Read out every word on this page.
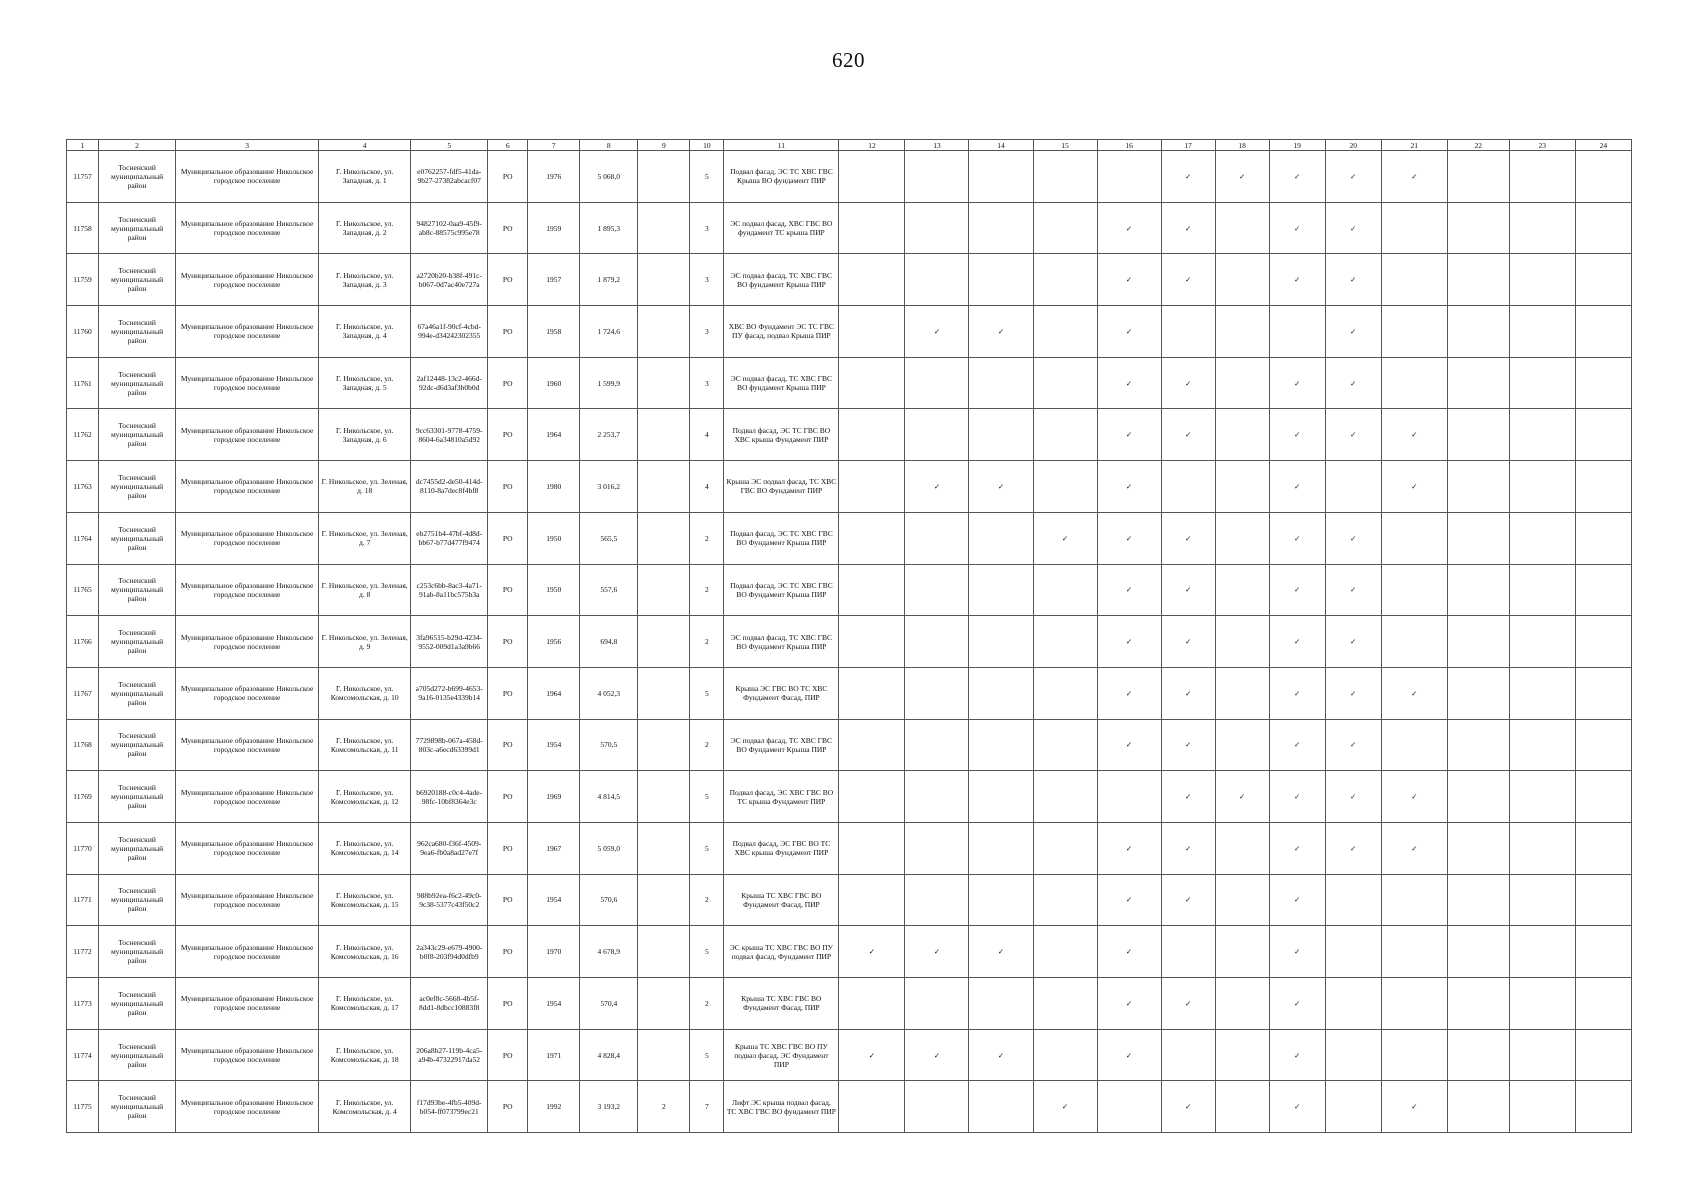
620
1	2	3	4	5	6	7	8	9	10	11	12	13	14	15	16	17	18	19	20	21	22	23	24
11757	Тосненский муниципальный район	Муниципальное образование Никольское городское поселение	Г. Никольское, ул. Западная, д. 1	e0762257-fdf5-41da-9b27-27382abcacf07	РО	1976	5 068,0		5	Подвал фасад, ЭС ТС ХВС ГВС Крыша ВО фундамент ПИР						✓	✓	✓	✓	✓			
11758	Тосненский муниципальный район	Муниципальное образование Никольское городское поселение	Г. Никольское, ул. Западная, д. 2	94827102-0aa9-45f9-ab8c-88575c995e78	РО	1959	1 895,3		3	ЭС подвал фасад, ХВС ГВС ВО фундамент ТС крыша ПИР					✓	✓		✓	✓				
11759	Тосненский муниципальный район	Муниципальное образование Никольское городское поселение	Г. Никольское, ул. Западная, д. 3	a2720b20-b38f-491c-b067-0d7ac40e727a	РО	1957	1 879,2		3	ЭС подвал фасад, ТС ХВС ГВС ВО фундамент Крыша ПИР					✓	✓		✓	✓				
11760	Тосненский муниципальный район	Муниципальное образование Никольское городское поселение	Г. Никольское, ул. Западная, д. 4	67a46a1f-90cf-4cbd-994e-d34242302355	РО	1958	1 724,6		3	ХВС ВО Фундамент ЭС ТС ГВС ПУ фасад, подвал Крыша ПИР		✓	✓		✓				✓				
11761	Тосненский муниципальный район	Муниципальное образование Никольское городское поселение	Г. Никольское, ул. Западная, д. 5	2af12448-13c2-466d-92dc-d6d3af3b0b0d	РО	1960	1 599,9		3	ЭС подвал фасад, ТС ХВС ГВС ВО фундамент Крыша ПИР					✓	✓		✓	✓				
11762	Тосненский муниципальный район	Муниципальное образование Никольское городское поселение	Г. Никольское, ул. Западная, д. 6	9cc63301-9778-4759-8604-6a34810a5d92	РО	1964	2 253,7		4	Подвал фасад, ЭС ТС ГВС ВО ХВС крыша Фундамент ПИР					✓	✓		✓	✓	✓			
11763	Тосненский муниципальный район	Муниципальное образование Никольское городское поселение	Г. Никольское, ул. Зеленая, д. 18	dc7455d2-de50-414d-8110-8a7dec8f4bf8	РО	1980	3 016,2		4	Крыша ЭС подвал фасад, ТС ХВС ГВС ВО Фундамент ПИР		✓	✓		✓			✓		✓			
11764	Тосненский муниципальный район	Муниципальное образование Никольское городское поселение	Г. Никольское, ул. Зеленая, д. 7	eb2751b4-47bf-4d8d-bb67-b77d477f9474	РО	1950	565,5		2	Подвал фасад, ЭС ТС ХВС ГВС ВО Фундамент Крыша ПИР				✓	✓	✓		✓	✓				
11765	Тосненский муниципальный район	Муниципальное образование Никольское городское поселение	Г. Никольское, ул. Зеленая, д. 8	c253c6bb-8ac3-4a71-91ab-8a11bc575b3a	РО	1950	557,6		2	Подвал фасад, ЭС ТС ХВС ГВС ВО Фундамент Крыша ПИР					✓	✓		✓	✓				
11766	Тосненский муниципальный район	Муниципальное образование Никольское городское поселение	Г. Никольское, ул. Зеленая, д. 9	3fa96515-b29d-4234-9552-009d1a3a9b66	РО	1956	694,8		2	ЭС подвал фасад, ТС ХВС ГВС ВО Фундамент Крыша ПИР					✓	✓		✓	✓				
11767	Тосненский муниципальный район	Муниципальное образование Никольское городское поселение	Г. Никольское, ул. Комсомольская, д. 10	a705d272-b699-4653-9a16-0135e4339b14	РО	1964	4 052,3		5	Крыша ЭС ГВС ВО ТС ХВС Фундамент Фасад, ПИР					✓	✓		✓	✓	✓			
11768	Тосненский муниципальный район	Муниципальное образование Никольское городское поселение	Г. Никольское, ул. Комсомольская, д. 11	7729898b-067a-458d-803c-a6ecd63399d1	РО	1954	570,5		2	ЭС подвал фасад, ТС ХВС ГВС ВО Фундамент Крыша ПИР					✓	✓		✓	✓				
11769	Тосненский муниципальный район	Муниципальное образование Никольское городское поселение	Г. Никольское, ул. Комсомольская, д. 12	b6920188-c0c4-4ade-98fc-10bf8364e3c	РО	1969	4 814,5		5	Подвал фасад, ЭС ХВС ГВС ВО ТС крыша Фундамент ПИР						✓	✓	✓	✓	✓			
11770	Тосненский муниципальный район	Муниципальное образование Никольское городское поселение	Г. Никольское, ул. Комсомольская, д. 14	962ca680-f36f-4509-9ea6-fb0a8ad27e7f	РО	1967	5 059,0		5	Подвал фасад, ЭС ГВС ВО ТС ХВС крыша Фундамент ПИР					✓	✓		✓	✓	✓			
11771	Тосненский муниципальный район	Муниципальное образование Никольское городское поселение	Г. Никольское, ул. Комсомольская, д. 15	988b92ea-f6c2-49c0-9c38-5377c43f50c2	РО	1954	570,6		2	Крыша ТС ХВС ГВС ВО Фундамент Фасад, ПИР					✓	✓		✓					
11772	Тосненский муниципальный район	Муниципальное образование Никольское городское поселение	Г. Никольское, ул. Комсомольская, д. 16	2a343c29-e679-4900-b0f8-203f94d0dfb9	РО	1970	4 678,9		5	ЭС крыша ТС ХВС ГВС ВО ПУ подвал фасад, Фундамент ПИР	✓	✓	✓		✓			✓					
11773	Тосненский муниципальный район	Муниципальное образование Никольское городское поселение	Г. Никольское, ул. Комсомольская, д. 17	ac0ef8c-5668-4b5f-8dd1-8dbcc10883f8	РО	1954	570,4		2	Крыша ТС ХВС ГВС ВО Фундамент Фасад, ПИР					✓	✓		✓					
11774	Тосненский муниципальный район	Муниципальное образование Никольское городское поселение	Г. Никольское, ул. Комсомольская, д. 18	206a8b27-119b-4ca5-a94b-47322917da52	РО	1971	4 828,4		5	Крыша ТС ХВС ГВС ВО ПУ подвал фасад, ЭС Фундамент ПИР	✓	✓	✓		✓			✓					
11775	Тосненский муниципальный район	Муниципальное образование Никольское городское поселение	Г. Никольское, ул. Комсомольская, д. 4	f17d93be-4fb5-409d-b054-ff073799ec21	РО	1992	3 193,2	2	7	Лифт ЭС крыша подвал фасад, ТС ХВС ГВС ВО фундамент ПИР				✓		✓		✓		✓			
